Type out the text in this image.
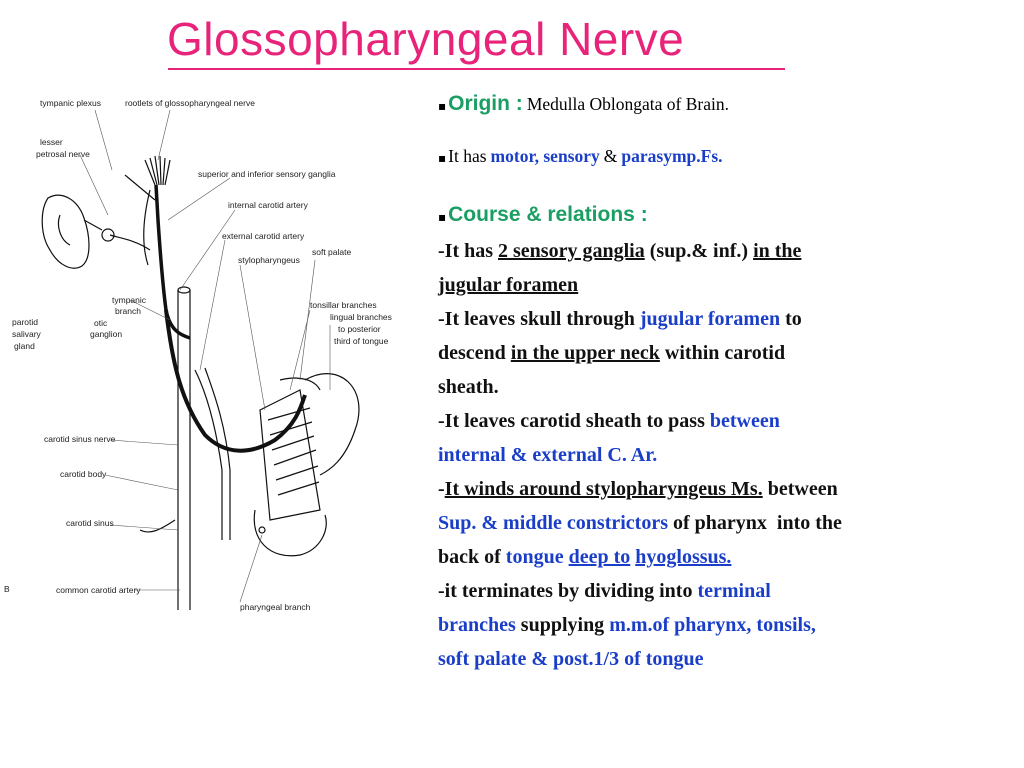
Glossopharyngeal Nerve
tympanic plexus	rootlets of glossopharyngeal nerve
lesser
petrosal nerve
superior and inferior sensory ganglia
internal carotid artery
external carotid artery
stylopharyngeus
soft palate
tympanic
branch
tonsillar branches
otic
ganglion
parotid
salivary
gland
lingual branches
to posterior
third of tongue
carotid sinus nerve
carotid body
carotid sinus
common carotid artery
pharyngeal branch
B
▪Origin : Medulla Oblongata of Brain.
▪ It has motor, sensory & parasymp.Fs.
▪Course & relations :
-It has 2 sensory ganglia (sup.& inf.) in the
jugular foramen
-It leaves skull through jugular foramen to
descend in the upper neck within carotid
sheath.
-It leaves carotid sheath to pass between
internal & external C. Ar.
-It winds around stylopharyngeus Ms. between
Sup. & middle constrictors of pharynx  into the
back of tongue deep to hyoglossus.
-it terminates by dividing into terminal
branches supplying m.m.of pharynx, tonsils,
soft palate & post.1/3 of tongue
